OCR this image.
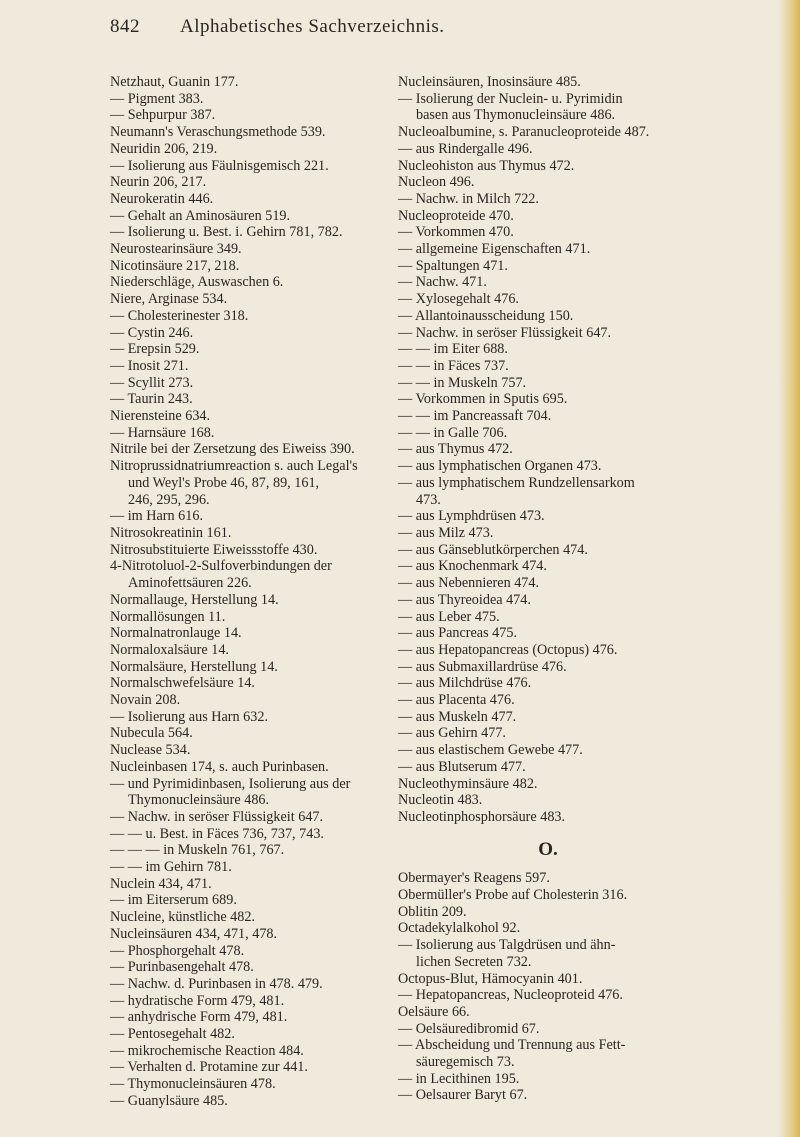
842 Alphabetisches Sachverzeichnis.
Netzhaut, Guanin 177.
— Pigment 383.
— Sehpurpur 387.
Neumann's Veraschungsmethode 539.
Neuridin 206, 219.
— Isolierung aus Fäulnisgemisch 221.
Neurin 206, 217.
Neurokeratin 446.
— Gehalt an Aminosäuren 519.
— Isolierung u. Best. i. Gehirn 781, 782.
Neurostearinsäure 349.
Nicotinsäure 217, 218.
Niederschläge, Auswaschen 6.
Niere, Arginase 534.
— Cholesterinester 318.
— Cystin 246.
— Erepsin 529.
— Inosit 271.
— Scyllit 273.
— Taurin 243.
Nierensteine 634.
— Harnsäure 168.
Nitrile bei der Zersetzung des Eiweiss 390.
Nitroprussidnatriumreaction s. auch Legal's
und Weyl's Probe 46, 87, 89, 161,
246, 295, 296.
— im Harn 616.
Nitrosokreatinin 161.
Nitrosubstituierte Eiweissstoffe 430.
4-Nitrotoluol-2-Sulfoverbindungen der
Aminofettsäuren 226.
Normallauge, Herstellung 14.
Normallösungen 11.
Normalnatronlauge 14.
Normaloxalsäure 14.
Normalsäure, Herstellung 14.
Normalschwefelsäure 14.
Novain 208.
— Isolierung aus Harn 632.
Nubecula 564.
Nuclease 534.
Nucleinbasen 174, s. auch Purinbasen.
— und Pyrimidinbasen, Isolierung aus der
Thymonucleinsäure 486.
— Nachw. in seröser Flüssigkeit 647.
— — u. Best. in Fäces 736, 737, 743.
— — — in Muskeln 761, 767.
— — im Gehirn 781.
Nuclein 434, 471.
— im Eiterserum 689.
Nucleine, künstliche 482.
Nucleinsäuren 434, 471, 478.
— Phosphorgehalt 478.
— Purinbasengehalt 478.
— Nachw. d. Purinbasen in 478. 479.
— hydratische Form 479, 481.
— anhydrische Form 479, 481.
— Pentosegehalt 482.
— mikrochemische Reaction 484.
— Verhalten d. Protamine zur 441.
— Thymonucleinsäuren 478.
— Guanylsäure 485.
Nucleinsäuren, Inosinsäure 485.
— Isolierung der Nuclein- u. Pyrimidin
basen aus Thymonucleinsäure 486.
Nucleoalbumine, s. Paranucleoproteide 487.
— aus Rindergalle 496.
Nucleohiston aus Thymus 472.
Nucleon 496.
— Nachw. in Milch 722.
Nucleoproteide 470.
— Vorkommen 470.
— allgemeine Eigenschaften 471.
— Spaltungen 471.
— Nachw. 471.
— Xylosegehalt 476.
— Allantoinausscheidung 150.
— Nachw. in seröser Flüssigkeit 647.
— — im Eiter 688.
— — in Fäces 737.
— — in Muskeln 757.
— Vorkommen in Sputis 695.
— — im Pancreassaft 704.
— — in Galle 706.
— aus Thymus 472.
— aus lymphatischen Organen 473.
— aus lymphatischem Rundzellensarkom
473.
— aus Lymphdrüsen 473.
— aus Milz 473.
— aus Gänseblutkörperchen 474.
— aus Knochenmark 474.
— aus Nebennieren 474.
— aus Thyreoidea 474.
— aus Leber 475.
— aus Pancreas 475.
— aus Hepatopancreas (Octopus) 476.
— aus Submaxillardrüse 476.
— aus Milchdrüse 476.
— aus Placenta 476.
— aus Muskeln 477.
— aus Gehirn 477.
— aus elastischem Gewebe 477.
— aus Blutserum 477.
Nucleothyminsäure 482.
Nucleotin 483.
Nucleotinphosphorsäure 483.
O.
Obermayer's Reagens 597.
Obermüller's Probe auf Cholesterin 316.
Oblitin 209.
Octadekylalkohol 92.
— Isolierung aus Talgdrüsen und ähn-
lichen Secreten 732.
Octopus-Blut, Hämocyanin 401.
— Hepatopancreas, Nucleoproteid 476.
Oelsäure 66.
— Oelsäuredibromid 67.
— Abscheidung und Trennung aus Fett-
säuregemisch 73.
— in Lecithinen 195.
— Oelsaurer Baryt 67.
